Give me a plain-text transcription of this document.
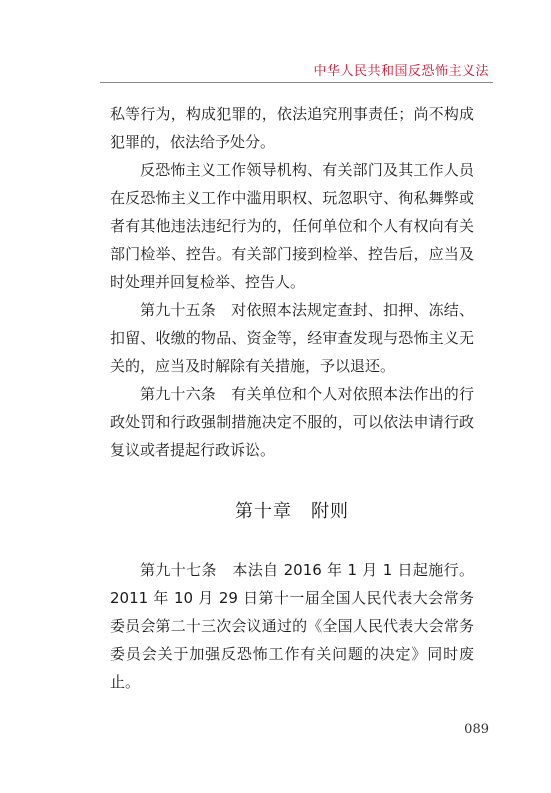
中华人民共和国反恐怖主义法

私等行为，构成犯罪的，依法追究刑事责任；尚不构成犯罪的，依法给予处分。

反恐怖主义工作领导机构、有关部门及其工作人员在反恐怖主义工作中滥用职权、玩忽职守、徇私舞弊或者有其他违法违纪行为的，任何单位和个人有权向有关部门检举、控告。有关部门接到检举、控告后，应当及时处理并回复检举、控告人。

第九十五条　对依照本法规定查封、扣押、冻结、扣留、收缴的物品、资金等，经审查发现与恐怖主义无关的，应当及时解除有关措施，予以退还。

第九十六条　有关单位和个人对依照本法作出的行政处罚和行政强制措施决定不服的，可以依法申请行政复议或者提起行政诉讼。

第十章　附则

第九十七条　本法自 2016 年 1 月 1 日起施行。2011 年 10 月 29 日第十一届全国人民代表大会常务委员会第二十三次会议通过的《全国人民代表大会常务委员会关于加强反恐怖工作有关问题的决定》同时废止。

089
